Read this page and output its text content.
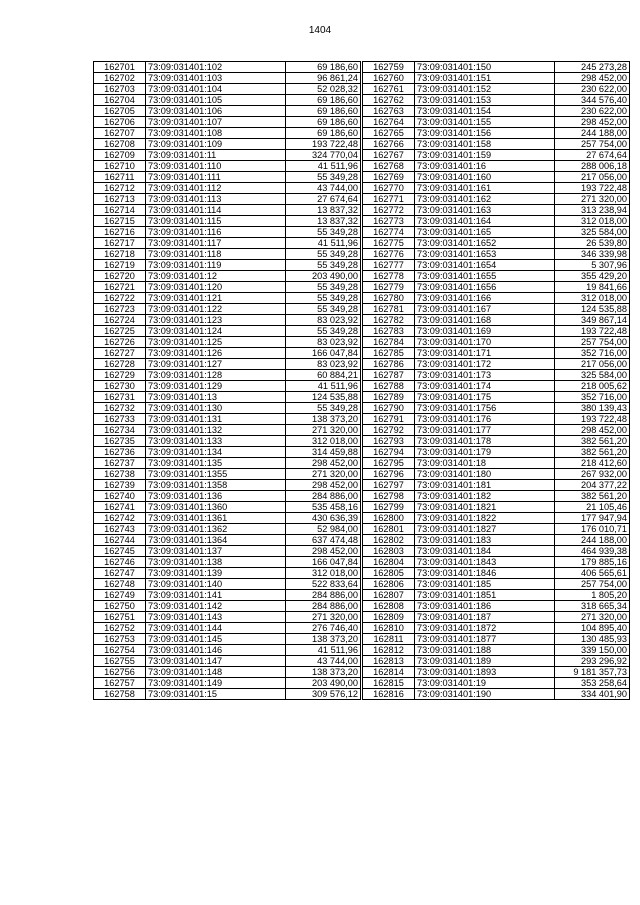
1404
162701	73:09:031401:102	69 186,60
162702	73:09:031401:103	96 861,24
162703	73:09:031401:104	52 028,32
162704	73:09:031401:105	69 186,60
162705	73:09:031401:106	69 186,60
162706	73:09:031401:107	69 186,60
162707	73:09:031401:108	69 186,60
162708	73:09:031401:109	193 722,48
162709	73:09:031401:11	324 770,04
162710	73:09:031401:110	41 511,96
162711	73:09:031401:111	55 349,28
162712	73:09:031401:112	43 744,00
162713	73:09:031401:113	27 674,64
162714	73:09:031401:114	13 837,32
162715	73:09:031401:115	13 837,32
162716	73:09:031401:116	55 349,28
162717	73:09:031401:117	41 511,96
162718	73:09:031401:118	55 349,28
162719	73:09:031401:119	55 349,28
162720	73:09:031401:12	203 490,00
162721	73:09:031401:120	55 349,28
162722	73:09:031401:121	55 349,28
162723	73:09:031401:122	55 349,28
162724	73:09:031401:123	83 023,92
162725	73:09:031401:124	55 349,28
162726	73:09:031401:125	83 023,92
162727	73:09:031401:126	166 047,84
162728	73:09:031401:127	83 023,92
162729	73:09:031401:128	60 884,21
162730	73:09:031401:129	41 511,96
162731	73:09:031401:13	124 535,88
162732	73:09:031401:130	55 349,28
162733	73:09:031401:131	138 373,20
162734	73:09:031401:132	271 320,00
162735	73:09:031401:133	312 018,00
162736	73:09:031401:134	314 459,88
162737	73:09:031401:135	298 452,00
162738	73:09:031401:1355	271 320,00
162739	73:09:031401:1358	298 452,00
162740	73:09:031401:136	284 886,00
162741	73:09:031401:1360	535 458,16
162742	73:09:031401:1361	430 636,39
162743	73:09:031401:1362	52 984,00
162744	73:09:031401:1364	637 474,48
162745	73:09:031401:137	298 452,00
162746	73:09:031401:138	166 047,84
162747	73:09:031401:139	312 018,00
162748	73:09:031401:140	522 833,64
162749	73:09:031401:141	284 886,00
162750	73:09:031401:142	284 886,00
162751	73:09:031401:143	271 320,00
162752	73:09:031401:144	276 746,40
162753	73:09:031401:145	138 373,20
162754	73:09:031401:146	41 511,96
162755	73:09:031401:147	43 744,00
162756	73:09:031401:148	138 373,20
162757	73:09:031401:149	203 490,00
162758	73:09:031401:15	309 576,12
162759	73:09:031401:150	245 273,28
162760	73:09:031401:151	298 452,00
162761	73:09:031401:152	230 622,00
162762	73:09:031401:153	344 576,40
162763	73:09:031401:154	230 622,00
162764	73:09:031401:155	298 452,00
162765	73:09:031401:156	244 188,00
162766	73:09:031401:158	257 754,00
162767	73:09:031401:159	27 674,64
162768	73:09:031401:16	288 006,18
162769	73:09:031401:160	217 056,00
162770	73:09:031401:161	193 722,48
162771	73:09:031401:162	271 320,00
162772	73:09:031401:163	313 238,94
162773	73:09:031401:164	312 018,00
162774	73:09:031401:165	325 584,00
162775	73:09:031401:1652	26 539,80
162776	73:09:031401:1653	346 339,98
162777	73:09:031401:1654	5 307,96
162778	73:09:031401:1655	355 429,20
162779	73:09:031401:1656	19 841,66
162780	73:09:031401:166	312 018,00
162781	73:09:031401:167	124 535,88
162782	73:09:031401:168	349 867,14
162783	73:09:031401:169	193 722,48
162784	73:09:031401:170	257 754,00
162785	73:09:031401:171	352 716,00
162786	73:09:031401:172	217 056,00
162787	73:09:031401:173	325 584,00
162788	73:09:031401:174	218 005,62
162789	73:09:031401:175	352 716,00
162790	73:09:031401:1756	380 139,43
162791	73:09:031401:176	193 722,48
162792	73:09:031401:177	298 452,00
162793	73:09:031401:178	382 561,20
162794	73:09:031401:179	382 561,20
162795	73:09:031401:18	218 412,60
162796	73:09:031401:180	267 932,00
162797	73:09:031401:181	204 377,22
162798	73:09:031401:182	382 561,20
162799	73:09:031401:1821	21 105,46
162800	73:09:031401:1822	177 947,94
162801	73:09:031401:1827	176 010,71
162802	73:09:031401:183	244 188,00
162803	73:09:031401:184	464 939,38
162804	73:09:031401:1843	179 885,16
162805	73:09:031401:1846	406 565,61
162806	73:09:031401:185	257 754,00
162807	73:09:031401:1851	1 805,20
162808	73:09:031401:186	318 665,34
162809	73:09:031401:187	271 320,00
162810	73:09:031401:1872	104 895,40
162811	73:09:031401:1877	130 485,93
162812	73:09:031401:188	339 150,00
162813	73:09:031401:189	293 296,92
162814	73:09:031401:1893	9 181 357,73
162815	73:09:031401:19	353 258,64
162816	73:09:031401:190	334 401,90
